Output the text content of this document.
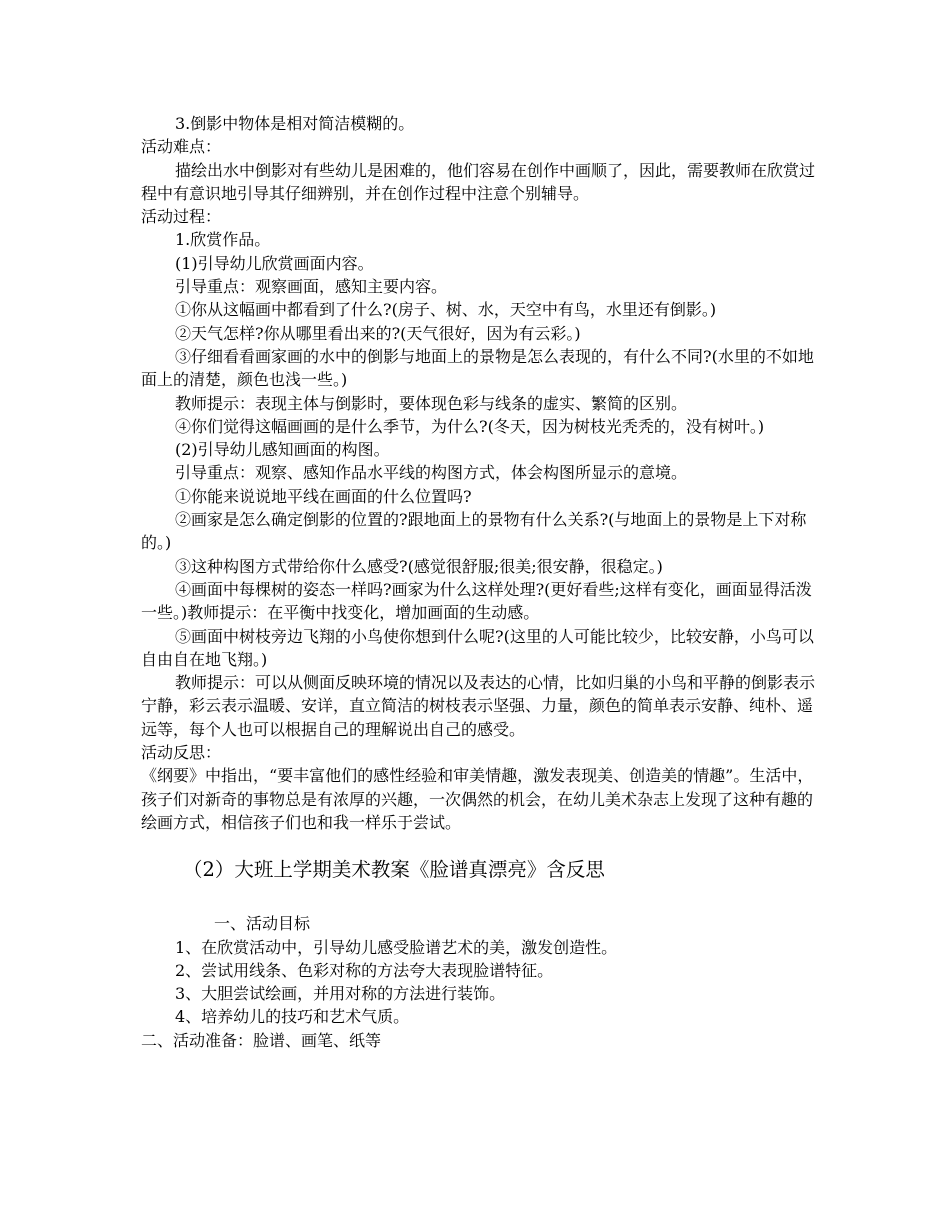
3.倒影中物体是相对简洁模糊的。

活动难点：

描绘出水中倒影对有些幼儿是困难的，他们容易在创作中画顺了，因此，需要教师在欣赏过程中有意识地引导其仔细辨别，并在创作过程中注意个别辅导。

活动过程：

1.欣赏作品。

(1)引导幼儿欣赏画面内容。

引导重点：观察画面，感知主要内容。

①你从这幅画中都看到了什么?(房子、树、水，天空中有鸟，水里还有倒影。)

②天气怎样?你从哪里看出来的?(天气很好，因为有云彩。)

③仔细看看画家画的水中的倒影与地面上的景物是怎么表现的，有什么不同?(水里的不如地面上的清楚，颜色也浅一些。)

教师提示：表现主体与倒影时，要体现色彩与线条的虚实、繁简的区别。

④你们觉得这幅画画的是什么季节，为什么?(冬天，因为树枝光秃秃的，没有树叶。)

(2)引导幼儿感知画面的构图。

引导重点：观察、感知作品水平线的构图方式，体会构图所显示的意境。

①你能来说说地平线在画面的什么位置吗?

②画家是怎么确定倒影的位置的?跟地面上的景物有什么关系?(与地面上的景物是上下对称的。)

③这种构图方式带给你什么感受?(感觉很舒服;很美;很安静，很稳定。)

④画面中每棵树的姿态一样吗?画家为什么这样处理?(更好看些;这样有变化，画面显得活泼一些。)教师提示：在平衡中找变化，增加画面的生动感。

⑤画面中树枝旁边飞翔的小鸟使你想到什么呢?(这里的人可能比较少，比较安静，小鸟可以自由自在地飞翔。)

教师提示：可以从侧面反映环境的情况以及表达的心情，比如归巢的小鸟和平静的倒影表示宁静，彩云表示温暖、安详，直立简洁的树枝表示坚强、力量，颜色的简单表示安静、纯朴、遥远等，每个人也可以根据自己的理解说出自己的感受。

活动反思：

《纲要》中指出，“要丰富他们的感性经验和审美情趣，激发表现美、创造美的情趣”。生活中，孩子们对新奇的事物总是有浓厚的兴趣，一次偶然的机会，在幼儿美术杂志上发现了这种有趣的绘画方式，相信孩子们也和我一样乐于尝试。

（2）大班上学期美术教案《脸谱真漂亮》含反思

一、活动目标

1、在欣赏活动中，引导幼儿感受脸谱艺术的美，激发创造性。

2、尝试用线条、色彩对称的方法夸大表现脸谱特征。

3、大胆尝试绘画，并用对称的方法进行装饰。

4、培养幼儿的技巧和艺术气质。

二、活动准备：脸谱、画笔、纸等
